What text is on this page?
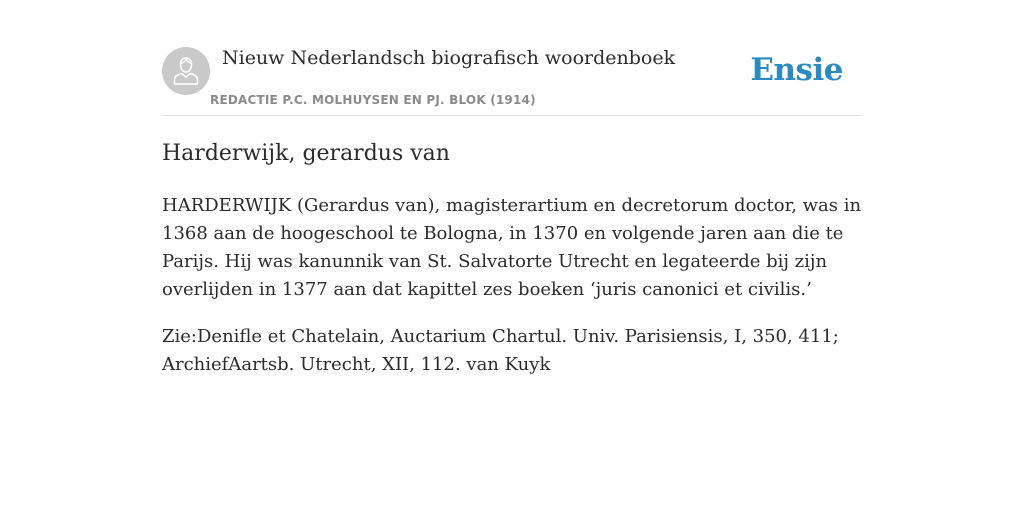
Nieuw Nederlandsch biografisch woordenboek
REDACTIE P.C. MOLHUYSEN EN PJ. BLOK (1914)
Ensie
Harderwijk, gerardus van

HARDERWIJK (Gerardus van), magisterartium en decretorum doctor, was in 1368 aan de hoogeschool te Bologna, in 1370 en volgende jaren aan die te Parijs. Hij was kanunnik van St. Salvatorte Utrecht en legateerde bij zijn overlijden in 1377 aan dat kapittel zes boeken ‘juris canonici et civilis.’

Zie:Denifle et Chatelain, Auctarium Chartul. Univ. Parisiensis, I, 350, 411; ArchiefAartsb. Utrecht, XII, 112. van Kuyk
